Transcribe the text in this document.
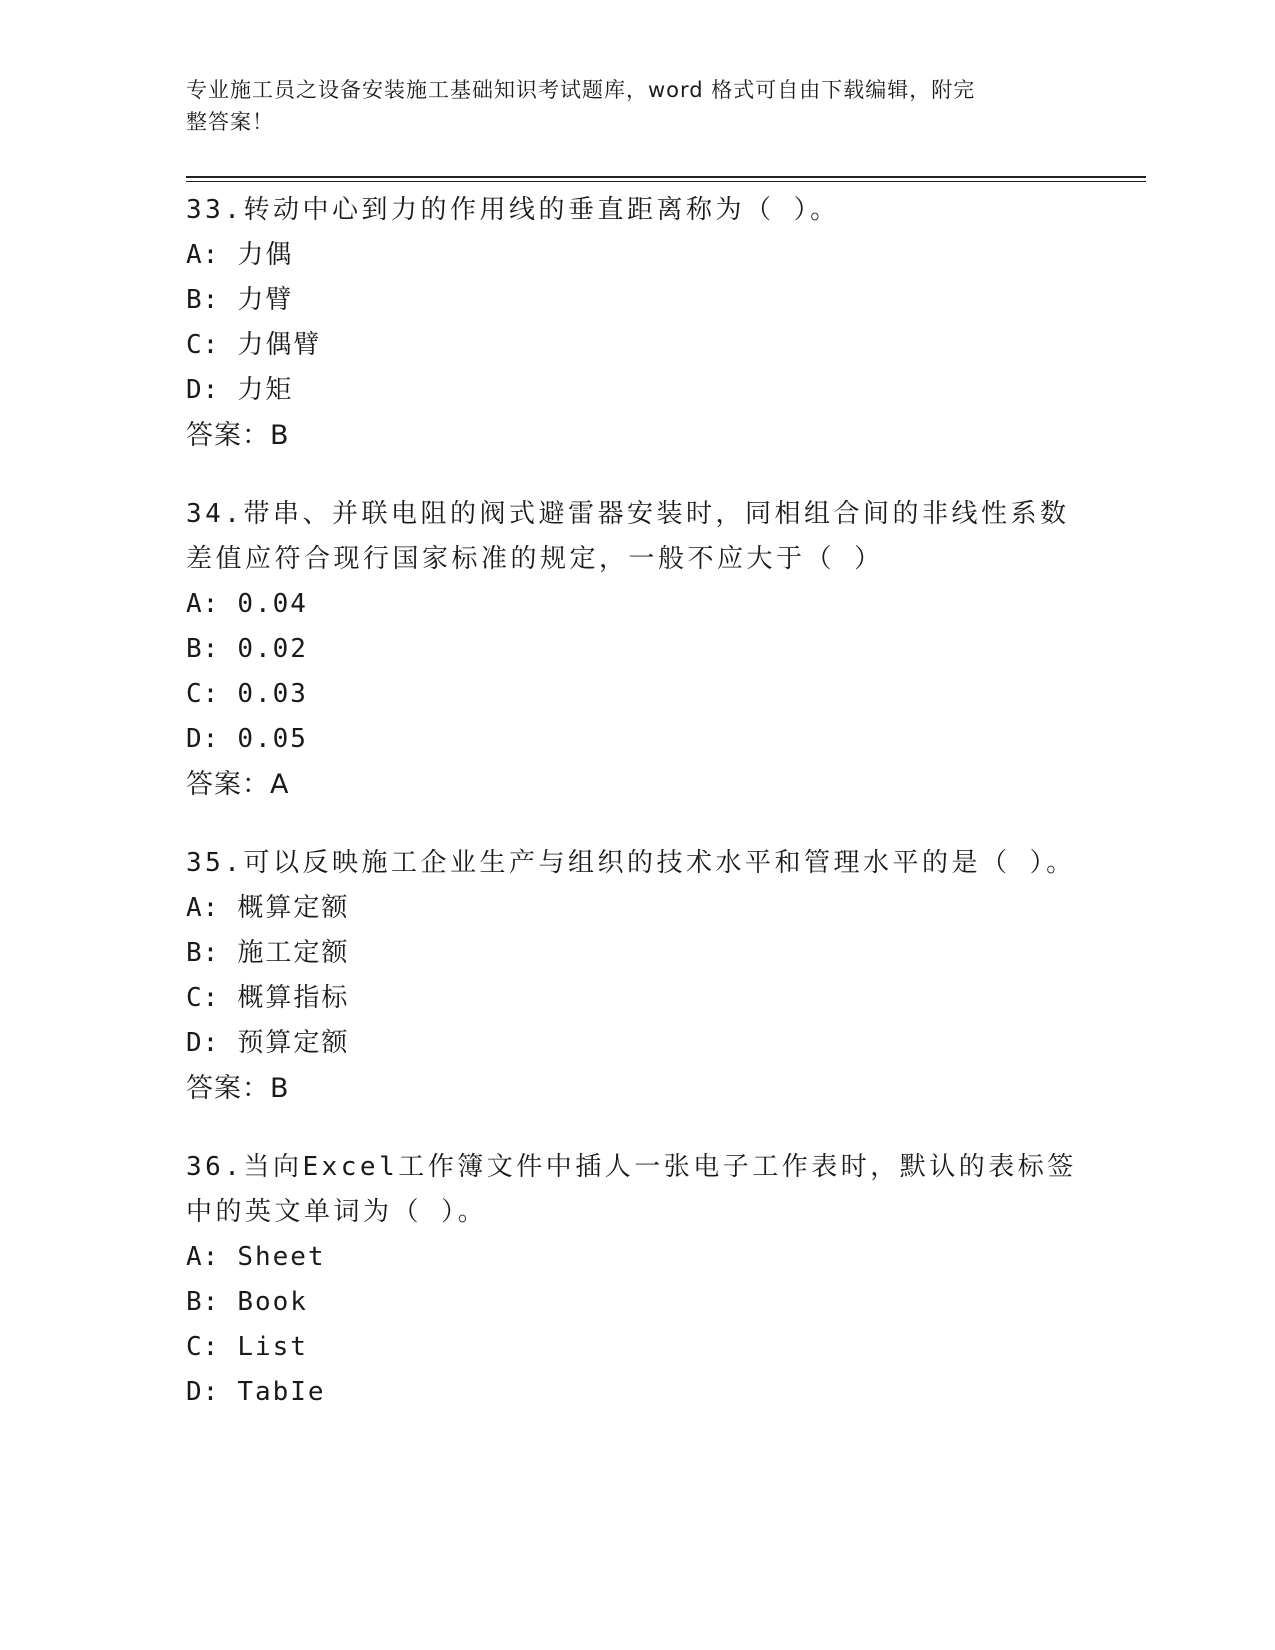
专业施工员之设备安装施工基础知识考试题库，word 格式可自由下载编辑，附完
整答案！
33.转动中心到力的作用线的垂直距离称为（ ）。
A: 力偶
B: 力臂
C: 力偶臂
D: 力矩
答案：B
34.带串、并联电阻的阀式避雷器安装时，同相组合间的非线性系数差值应符合现行国家标准的规定，一般不应大于（ ）
A: 0.04
B: 0.02
C: 0.03
D: 0.05
答案：A
35.可以反映施工企业生产与组织的技术水平和管理水平的是（ ）。
A: 概算定额
B: 施工定额
C: 概算指标
D: 预算定额
答案：B
36.当向Excel工作簿文件中插人一张电子工作表时，默认的表标签中的英文单词为（ ）。
A: Sheet
B: Book
C: List
D: TabIe
